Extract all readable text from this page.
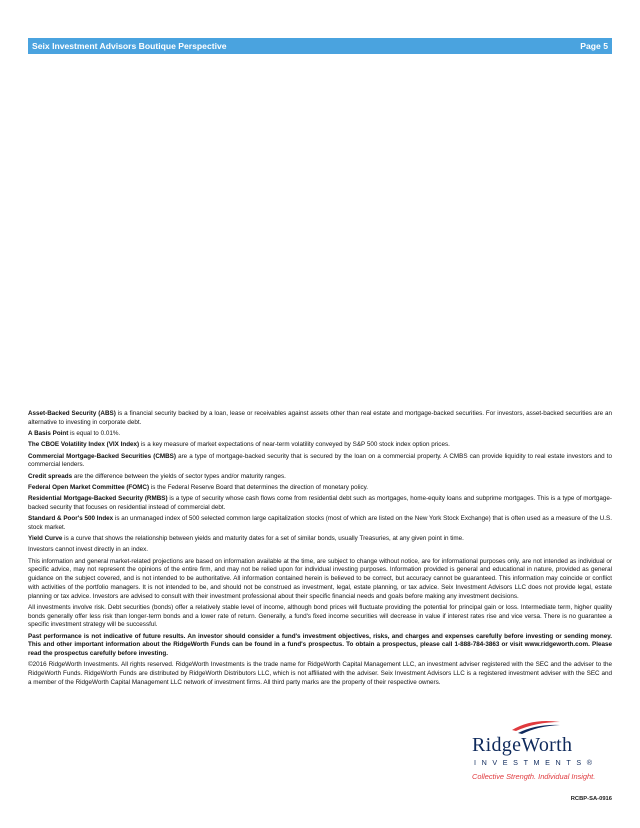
Seix Investment Advisors Boutique Perspective	Page 5

Asset-Backed Security (ABS) is a financial security backed by a loan, lease or receivables against assets other than real estate and mortgage-backed securities. For investors, asset-backed securities are an alternative to investing in corporate debt.

A Basis Point is equal to 0.01%.

The CBOE Volatility Index (VIX Index) is a key measure of market expectations of near-term volatility conveyed by S&P 500 stock index option prices.

Commercial Mortgage-Backed Securities (CMBS) are a type of mortgage-backed security that is secured by the loan on a commercial property. A CMBS can provide liquidity to real estate investors and to commercial lenders.

Credit spreads are the difference between the yields of sector types and/or maturity ranges.

Federal Open Market Committee (FOMC) is the Federal Reserve Board that determines the direction of monetary policy.

Residential Mortgage-Backed Security (RMBS) is a type of security whose cash flows come from residential debt such as mortgages, home-equity loans and subprime mortgages. This is a type of mortgage-backed security that focuses on residential instead of commercial debt.

Standard & Poor's 500 Index is an unmanaged index of 500 selected common large capitalization stocks (most of which are listed on the New York Stock Exchange) that is often used as a measure of the U.S. stock market.

Yield Curve is a curve that shows the relationship between yields and maturity dates for a set of similar bonds, usually Treasuries, at any given point in time.

Investors cannot invest directly in an index.

This information and general market-related projections are based on information available at the time, are subject to change without notice, are for informational purposes only, are not intended as individual or specific advice, may not represent the opinions of the entire firm, and may not be relied upon for individual investing purposes. Information provided is general and educational in nature, provided as general guidance on the subject covered, and is not intended to be authoritative. All information contained herein is believed to be correct, but accuracy cannot be guaranteed. This information may coincide or conflict with activities of the portfolio managers. It is not intended to be, and should not be construed as investment, legal, estate planning, or tax advice. Seix Investment Advisors LLC does not provide legal, estate planning or tax advice. Investors are advised to consult with their investment professional about their specific financial needs and goals before making any investment decisions.

All investments involve risk. Debt securities (bonds) offer a relatively stable level of income, although bond prices will fluctuate providing the potential for principal gain or loss. Intermediate term, higher quality bonds generally offer less risk than longer-term bonds and a lower rate of return. Generally, a fund's fixed income securities will decrease in value if interest rates rise and vice versa. There is no guarantee a specific investment strategy will be successful.

Past performance is not indicative of future results. An investor should consider a fund's investment objectives, risks, and charges and expenses carefully before investing or sending money. This and other important information about the RidgeWorth Funds can be found in a fund's prospectus. To obtain a prospectus, please call 1-888-784-3863 or visit www.ridgeworth.com. Please read the prospectus carefully before investing.

©2016 RidgeWorth Investments. All rights reserved. RidgeWorth Investments is the trade name for RidgeWorth Capital Management LLC, an investment adviser registered with the SEC and the adviser to the RidgeWorth Funds. RidgeWorth Funds are distributed by RidgeWorth Distributors LLC, which is not affiliated with the adviser. Seix Investment Advisors LLC is a registered investment adviser with the SEC and a member of the RidgeWorth Capital Management LLC network of investment firms. All third party marks are the property of their respective owners.

RidgeWorth
INVESTMENTS®
Collective Strength. Individual Insight.
RCBP-SA-0916
